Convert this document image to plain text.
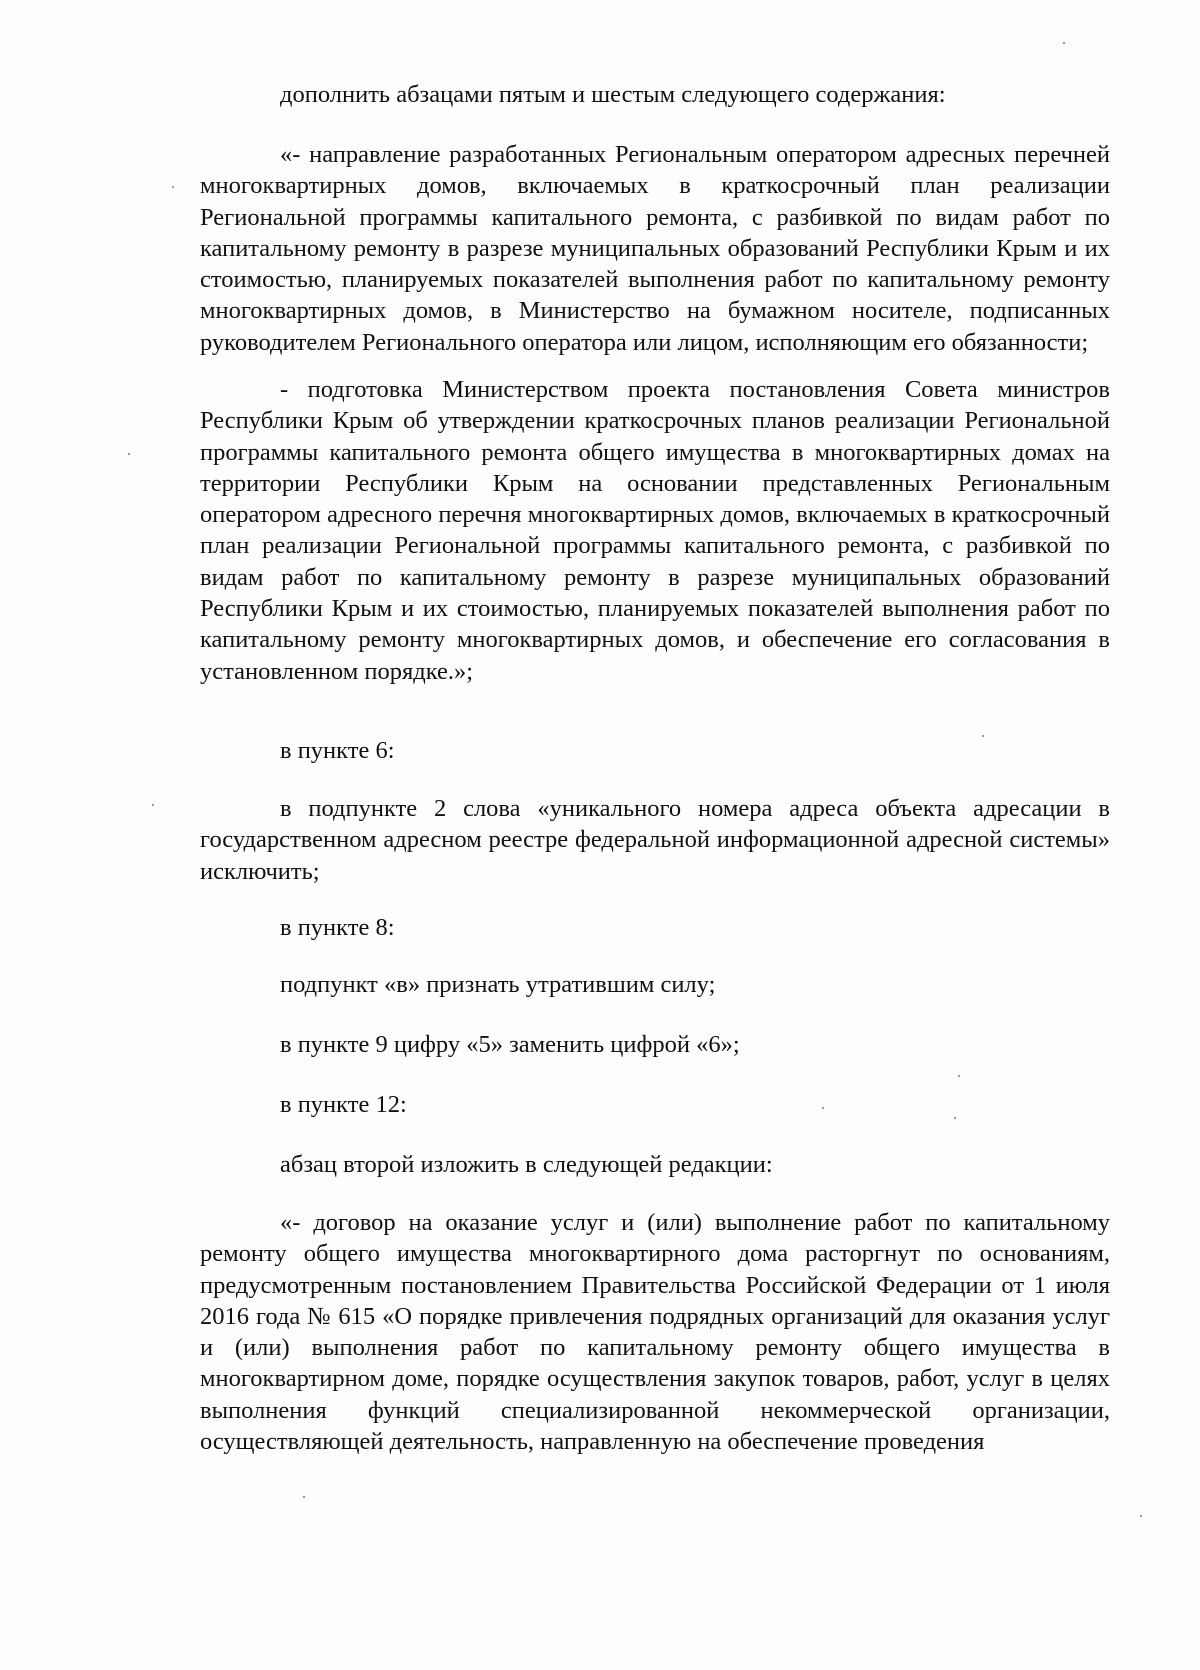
дополнить абзацами пятым и шестым следующего содержания:

«- направление разработанных Региональным оператором адресных перечней многоквартирных домов, включаемых в краткосрочный план реализации Региональной программы капитального ремонта, с разбивкой по видам работ по капитальному ремонту в разрезе муниципальных образований Республики Крым и их стоимостью, планируемых показателей выполнения работ по капитальному ремонту многоквартирных домов, в Министерство на бумажном носителе, подписанных руководителем Регионального оператора или лицом, исполняющим его обязанности;

- подготовка Министерством проекта постановления Совета министров Республики Крым об утверждении краткосрочных планов реализации Региональной программы капитального ремонта общего имущества в многоквартирных домах на территории Республики Крым на основании представленных Региональным оператором адресного перечня многоквартирных домов, включаемых в краткосрочный план реализации Региональной программы капитального ремонта, с разбивкой по видам работ по капитальному ремонту в разрезе муниципальных образований Республики Крым и их стоимостью, планируемых показателей выполнения работ по капитальному ремонту многоквартирных домов, и обеспечение его согласования в установленном порядке.»;

в пункте 6:

в подпункте 2 слова «уникального номера адреса объекта адресации в государственном адресном реестре федеральной информационной адресной системы» исключить;

в пункте 8:

подпункт «в» признать утратившим силу;

в пункте 9 цифру «5» заменить цифрой «6»;

в пункте 12:

абзац второй изложить в следующей редакции:

«- договор на оказание услуг и (или) выполнение работ по капитальному ремонту общего имущества многоквартирного дома расторгнут по основаниям, предусмотренным постановлением Правительства Российской Федерации от 1 июля 2016 года № 615 «О порядке привлечения подрядных организаций для оказания услуг и (или) выполнения работ по капитальному ремонту общего имущества в многоквартирном доме, порядке осуществления закупок товаров, работ, услуг в целях выполнения функций специализированной некоммерческой организации, осуществляющей деятельность, направленную на обеспечение проведения
